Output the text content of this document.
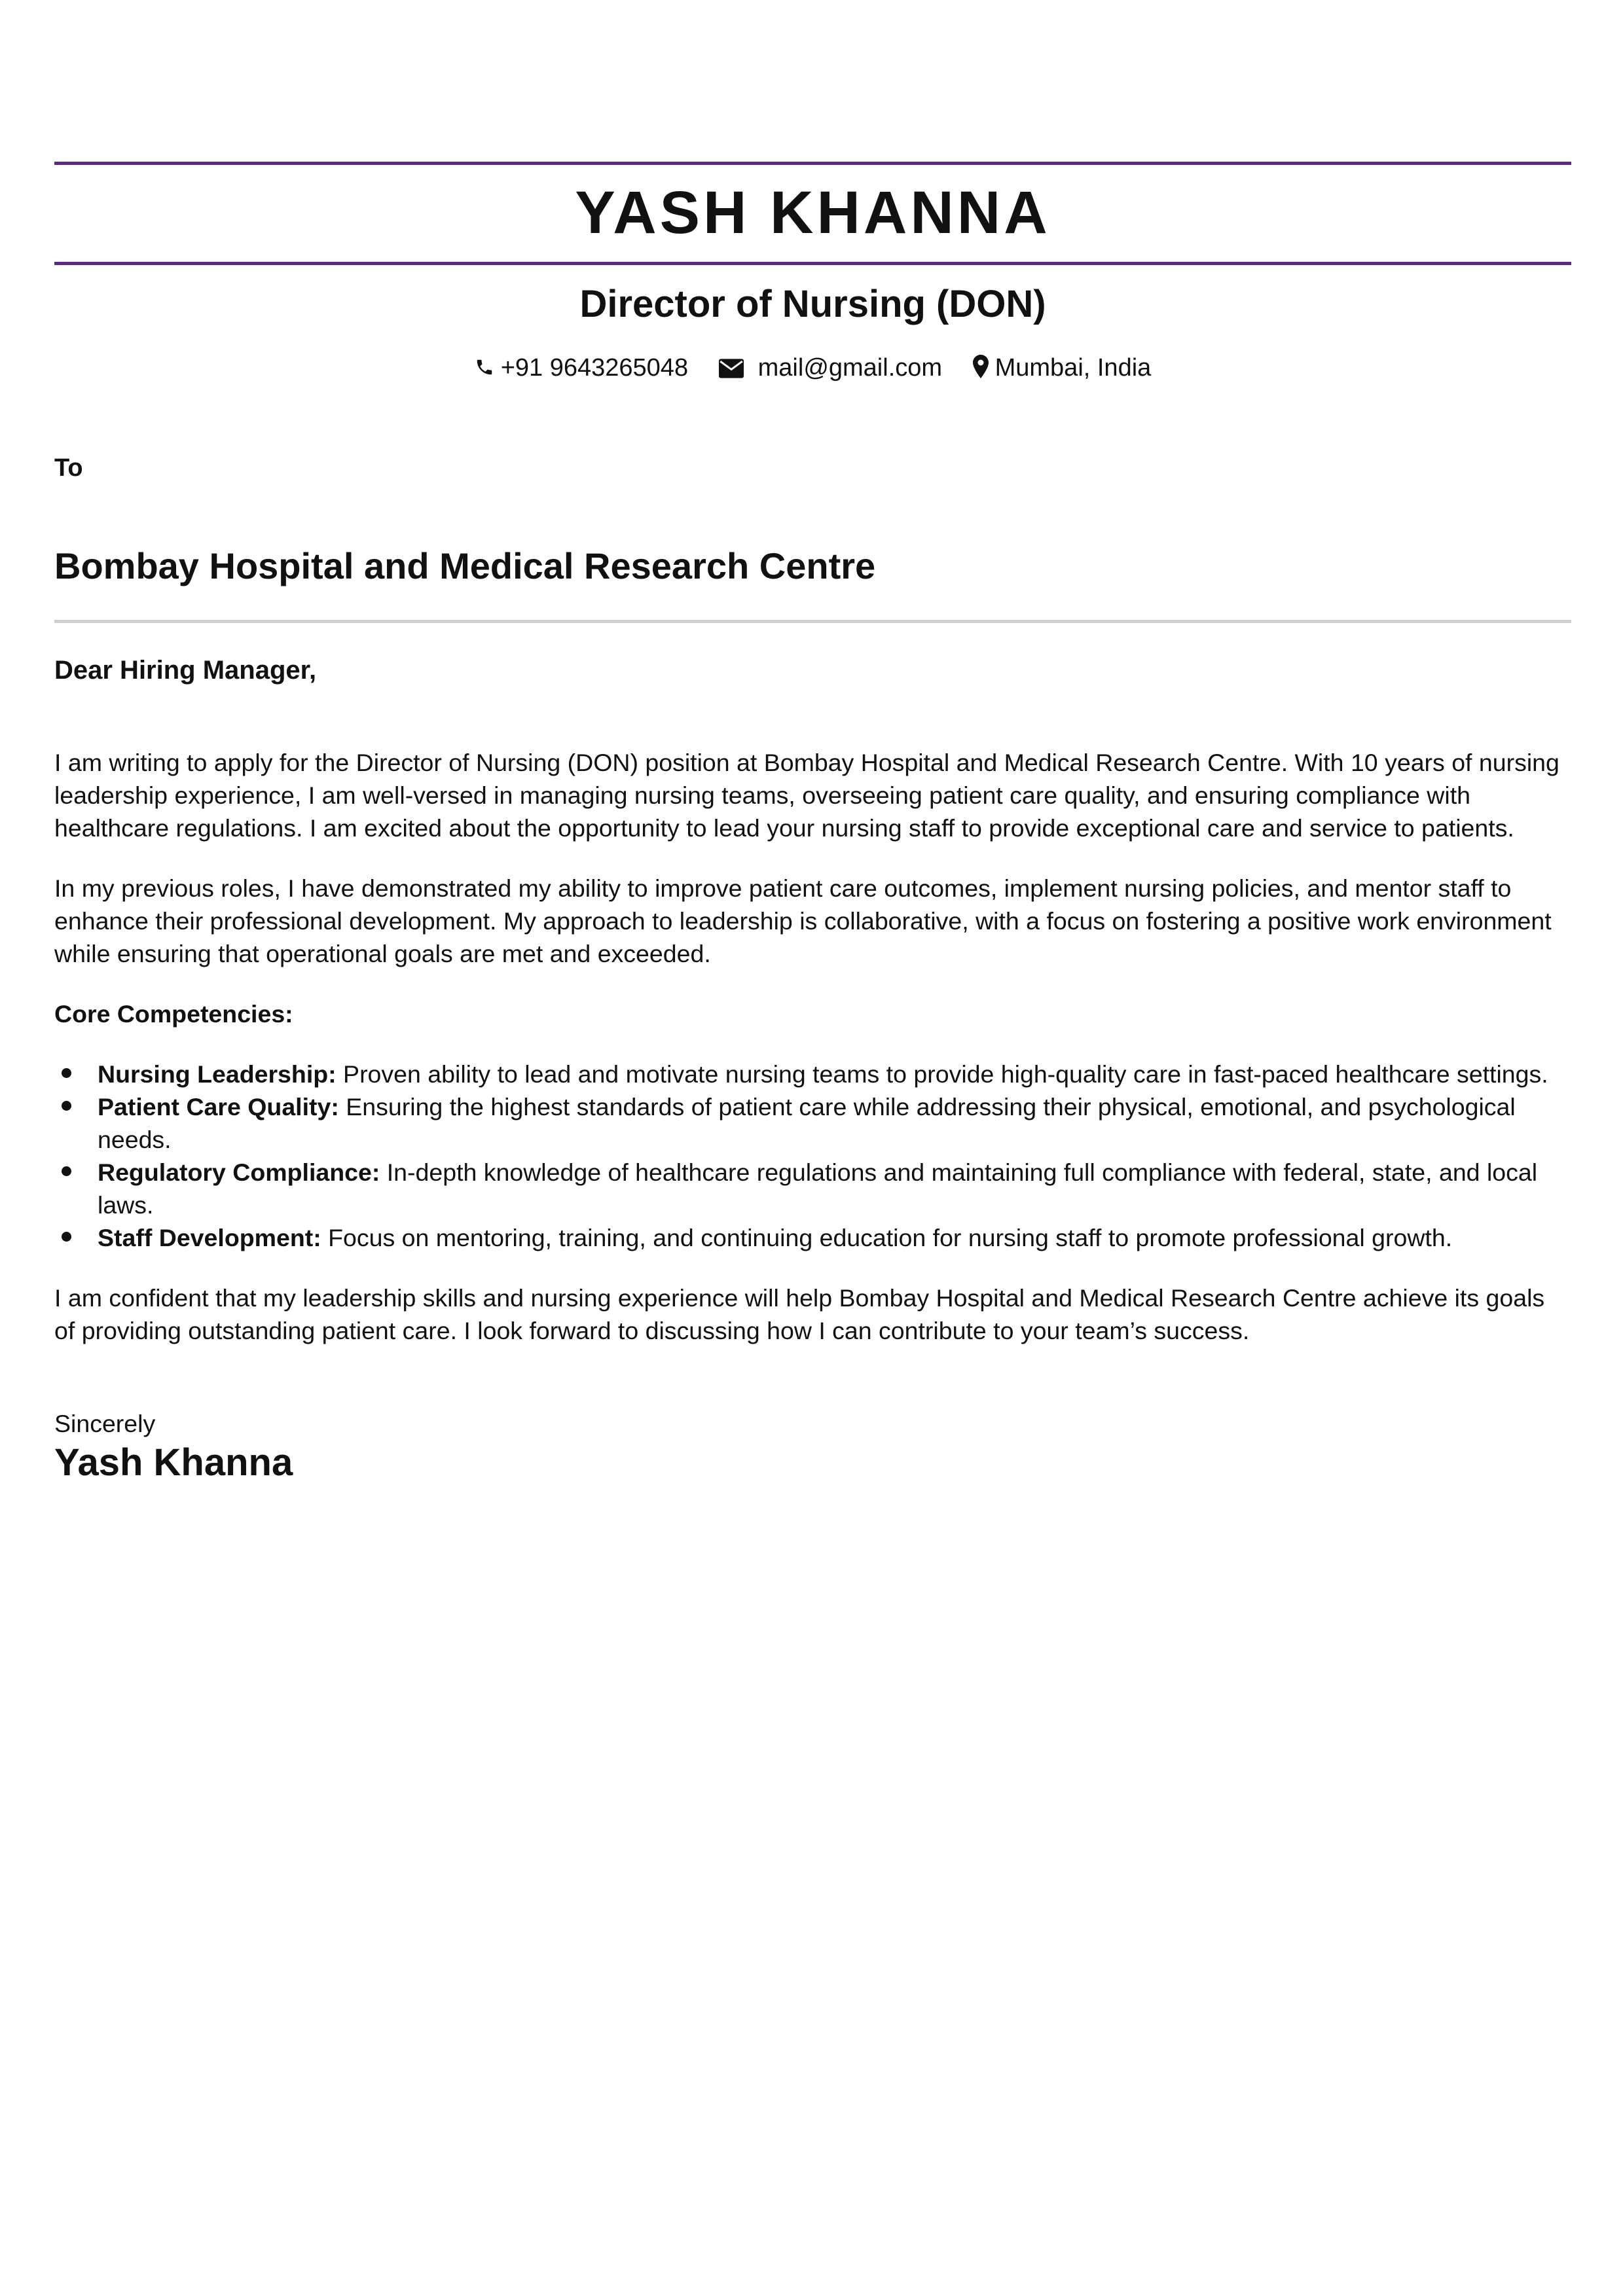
YASH KHANNA
Director of Nursing (DON)
+91 9643265048	mail@gmail.com Mumbai, India
To
Bombay Hospital and Medical Research Centre
Dear Hiring Manager,

I am writing to apply for the Director of Nursing (DON) position at Bombay Hospital and Medical Research Centre. With 10 years of nursing leadership experience, I am well-versed in managing nursing teams, overseeing patient care quality, and ensuring compliance with healthcare regulations. I am excited about the opportunity to lead your nursing staff to provide exceptional care and service to patients.

In my previous roles, I have demonstrated my ability to improve patient care outcomes, implement nursing policies, and mentor staff to enhance their professional development. My approach to leadership is collaborative, with a focus on fostering a positive work environment while ensuring that operational goals are met and exceeded.

Core Competencies:
Nursing Leadership: Proven ability to lead and motivate nursing teams to provide high-quality care in fast-paced healthcare settings.
Patient Care Quality: Ensuring the highest standards of patient care while addressing their physical, emotional, and psychological needs.
Regulatory Compliance: In-depth knowledge of healthcare regulations and maintaining full compliance with federal, state, and local laws.
Staff Development: Focus on mentoring, training, and continuing education for nursing staff to promote professional growth.

I am confident that my leadership skills and nursing experience will help Bombay Hospital and Medical Research Centre achieve its goals of providing outstanding patient care. I look forward to discussing how I can contribute to your team’s success.

Sincerely
Yash Khanna
